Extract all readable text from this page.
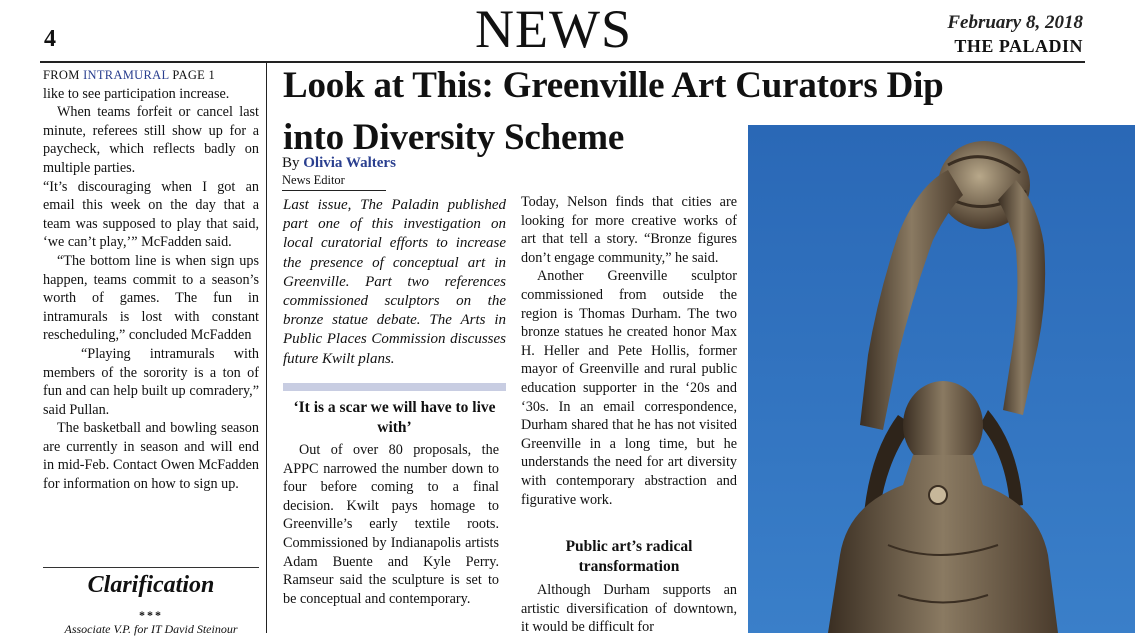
4	NEWS	February 8, 2018
THE PALADIN
FROM INTRAMURAL PAGE 1

like to see participation increase.

When teams forfeit or cancel last minute, referees still show up for a paycheck, which reflects badly on multiple parties.

“It’s discouraging when I got an email this week on the day that a team was supposed to play that said, ‘we can’t play,’” McFadden said.

“The bottom line is when sign ups happen, teams commit to a season’s worth of games. The fun in intramurals is lost with constant rescheduling,” concluded McFadden

“Playing intramurals with members of the sorority is a ton of fun and can help built up comradery,” said Pullan.

The basketball and bowling season are currently in season and will end in mid-Feb. Contact Owen McFadden for information on how to sign up.

Clarification
***
Associate V.P. for IT David Steinour
Look at This: Greenville Art Curators Dip into Diversity Scheme
By Olivia Walters
News Editor

Last issue, The Paladin published part one of this investigation on local curatorial efforts to increase the presence of conceptual art in Greenville. Part two references commissioned sculptors on the bronze statue debate. The Arts in Public Places Commission discusses future Kwilt plans.

‘It is a scar we will have to live with’

Out of over 80 proposals, the APPC narrowed the number down to four before coming to a final decision. Kwilt pays homage to Greenville’s early textile roots. Commissioned by Indianapolis artists Adam Buente and Kyle Perry. Ramseur said the sculpture is set to be conceptual and contemporary.

Today, Nelson finds that cities are looking for more creative works of art that tell a story. “Bronze figures don’t engage community,” he said.

Another Greenville sculptor commissioned from outside the region is Thomas Durham. The two bronze statues he created honor Max H. Heller and Pete Hollis, former mayor of Greenville and rural public education supporter in the ‘20s and ‘30s. In an email correspondence, Durham shared that he has not visited Greenville in a long time, but he understands the need for art diversity with contemporary abstraction and figurative work.

Public art’s radical transformation

Although Durham supports an artistic diversification of downtown, it would be difficult for
